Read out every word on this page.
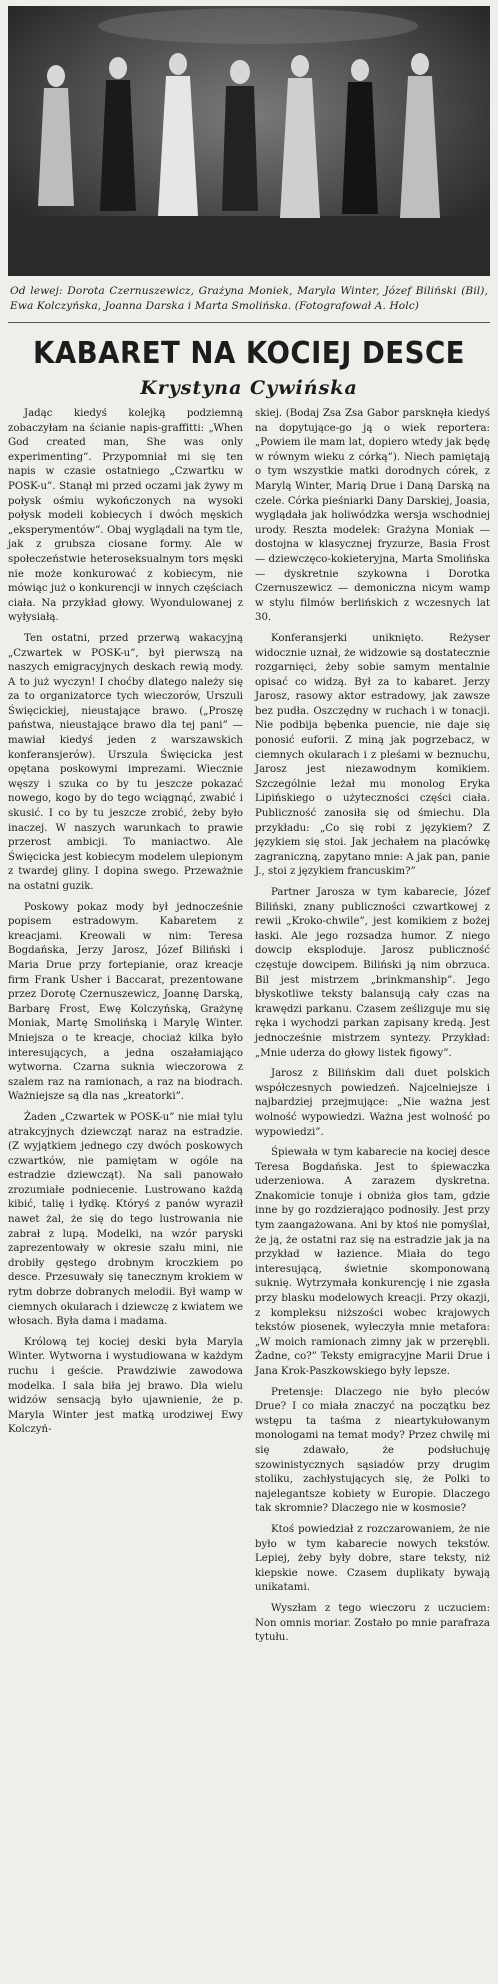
Od lewej: Dorota Czernuszewicz, Grażyna Moniek, Maryla Winter, Józef Biliński (Bil), Ewa Kolczyńska, Joanna Darska i Marta Smolińska. (Fotografował A. Holc)
KABARET NA KOCIEJ DESCE
Krystyna Cywińska

Jadąc kiedyś kolejką podziemną zobaczyłam na ścianie napis-graffitti: „When God created man, She was only experimenting”. Przypomniał mi się ten napis w czasie ostatniego „Czwartku w POSK-u”. Stanął mi przed oczami jak żywy m połysk ośmiu wykończonych na wysoki połysk modeli kobiecych i dwóch męskich „eksperymentów”. Obaj wyglądali na tym tle, jak z grubsza ciosane formy. Ale w społeczeństwie heteroseksualnym tors męski nie może konkurować z kobiecym, nie mówiąc już o konkurencji w innych częściach ciała. Na przykład głowy. Wyondulowanej z wyłysiałą.

Ten ostatni, przed przerwą wakacyjną „Czwartek w POSK-u”, był pierwszą na naszych emigracyjnych deskach rewią mody. A to już wyczyn! I choćby dlatego należy się za to organizatorce tych wieczorów, Urszuli Święcickiej, nieustające brawo. („Proszę państwa, nieustające brawo dla tej pani” — mawiał kiedyś jeden z warszawskich konferansjerów). Urszula Święcicka jest opętana poskowymi imprezami. Wiecznie węszy i szuka co by tu jeszcze pokazać nowego, kogo by do tego wciągnąć, zwabić i skusić. I co by tu jeszcze zrobić, żeby było inaczej. W naszych warunkach to prawie przerost ambicji. To maniactwo. Ale Święcicka jest kobiecym modelem ulepionym z twardej gliny. I dopina swego. Przeważnie na ostatni guzik.

Poskowy pokaz mody był jednocześnie popisem estradowym. Kabaretem z kreacjami. Kreowali w nim: Teresa Bogdańska, Jerzy Jarosz, Józef Biliński i Maria Drue przy fortepianie, oraz kreacje firm Frank Usher i Baccarat, prezentowane przez Dorotę Czernuszewicz, Joannę Darską, Barbarę Frost, Ewę Kolczyńską, Grażynę Moniak, Martę Smolińską i Marylę Winter. Mniejsza o te kreacje, chociaż kilka było interesujących, a jedna oszałamiająco wytworna. Czarna suknia wieczorowa z szalem raz na ramionach, a raz na biodrach. Ważniejsze są dla nas „kreatorki”.

Żaden „Czwartek w POSK-u” nie miał tylu atrakcyjnych dziewcząt naraz na estradzie. (Z wyjątkiem jednego czy dwóch poskowych czwartków, nie pamiętam w ogóle na estradzie dziewcząt). Na sali panowało zrozumiałe podniecenie. Lustrowano każdą kibić, talię i łydkę. Któryś z panów wyraził nawet żal, że się do tego lustrowania nie zabrał z lupą. Modelki, na wzór paryski zaprezentowały w okresie szału mini, nie drobiły gęstego drobnym kroczkiem po desce. Przesuwały się tanecznym krokiem w rytm dobrze dobranych melodii. Był wamp w ciemnych okularach i dziewczę z kwiatem we włosach. Była dama i madama.

Królową tej kociej deski była Maryla Winter. Wytworna i wystudiowana w każdym ruchu i geście. Prawdziwie zawodowa modelka. I sala biła jej brawo. Dla wielu widzów sensacją było ujawnienie, że p. Maryla Winter jest matką urodziwej Ewy Kolczyń-

skiej. (Bodaj Zsa Zsa Gabor parsknęła kiedyś na dopytujące-go ją o wiek reportera: „Powiem ile mam lat, dopiero wtedy jak będę w równym wieku z córką”). Niech pamiętają o tym wszystkie matki dorodnych córek, z Marylą Winter, Marią Drue i Daną Darską na czele. Córka pieśniarki Dany Darskiej, Joasia, wyglądała jak holiwódzka wersja wschodniej urody. Reszta modelek: Grażyna Moniak — dostojna w klasycznej fryzurze, Basia Frost — dziewczęco-kokieteryjna, Marta Smolińska — dyskretnie szykowna i Dorotka Czernuszewicz — demoniczna nicym wamp w stylu filmów berlińskich z wczesnych lat 30.

Konferansjerki uniknięto. Reżyser widocznie uznał, że widzowie są dostatecznie rozgarnięci, żeby sobie samym mentalnie opisać co widzą. Był za to kabaret. Jerzy Jarosz, rasowy aktor estradowy, jak zawsze bez pudła. Oszczędny w ruchach i w tonacji. Nie podbija bębenka puencie, nie daje się ponosić euforii. Z miną jak pogrzebacz, w ciemnych okularach i z pleśami w beznuchu, Jarosz jest niezawodnym komikiem. Szczególnie leżał mu monolog Eryka Lipińskiego o użyteczności części ciała. Publiczność zanosiła się od śmiechu. Dla przykładu: „Co się robi z językiem? Z językiem się stoi. Jak jechałem na placówkę zagraniczną, zapytano mnie: A jak pan, panie J., stoi z językiem francuskim?”

Partner Jarosza w tym kabarecie, Józef Biliński, znany publiczności czwartkowej z rewii „Kroko-chwile”, jest komikiem z bożej łaski. Ale jego rozsadza humor. Z niego dowcip eksploduje. Jarosz publiczność częstuje dowcipem. Biliński ją nim obrzuca. Bil jest mistrzem „brinkmanship”. Jego błyskotliwe teksty balansują cały czas na krawędzi parkanu. Czasem ześlizguje mu się ręka i wychodzi parkan zapisany kredą. Jest jednocześnie mistrzem syntezy. Przykład: „Mnie uderza do głowy listek figowy”.

Jarosz z Bilińskim dali duet polskich współczesnych powiedzeń. Najcelniejsze i najbardziej przejmujące: „Nie ważna jest wolność wypowiedzi. Ważna jest wolność po wypowiedzi”.

Śpiewała w tym kabarecie na kociej desce Teresa Bogdańska. Jest to śpiewaczka uderzeniowa. A zarazem dyskretna. Znakomicie tonuje i obniża głos tam, gdzie inne by go rozdzierająco podnosiły. Jest przy tym zaangażowana. Ani by ktoś nie pomyślał, że ją, że ostatni raz się na estradzie jak ja na przykład w łazience. Miała do tego interesującą, świetnie skomponowaną suknię. Wytrzymała konkurencję i nie zgasła przy blasku modelowych kreacji. Przy okazji, z kompleksu niższości wobec krajowych tekstów piosenek, wyleczyła mnie metafora: „W moich ramionach zimny jak w przerębli. Żadne, co?” Teksty emigracyjne Marii Drue i Jana Krok-Paszkowskiego były lepsze.

Pretensje: Dlaczego nie było pleców Drue? I co miała znaczyć na początku bez wstępu ta taśma z nieartykułowanym monologami na temat mody? Przez chwilę mi się zdawało, że podsłuchuję szowinistycznych sąsiadów przy drugim stoliku, zachłystujących się, że Polki to najelegantsze kobiety w Europie. Dlaczego tak skromnie? Dlaczego nie w kosmosie?

Ktoś powiedział z rozczarowaniem, że nie było w tym kabarecie nowych tekstów. Lepiej, żeby były dobre, stare teksty, niż kiepskie nowe. Czasem duplikaty bywają unikatami.

Wyszłam z tego wieczoru z uczuciem: Non omnis moriar. Zostało po mnie parafraza tytułu.
